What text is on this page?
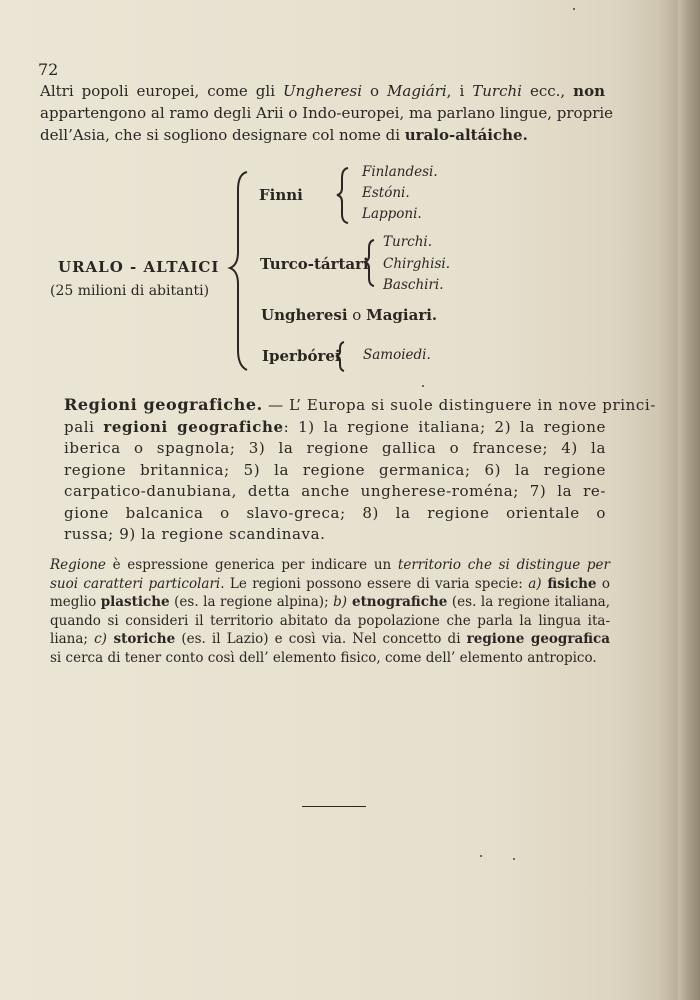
72
Altri popoli europei, come gli Ungheresi o Magiári, i Turchi ecc., non
appartengono al ramo degli Arii o Indo-europei, ma parlano lingue, proprie
dell’Asia, che si sogliono designare col nome di uralo-altáiche.
URALO - ALTAICI
(25 milioni di abitanti)
Finni
Finlandesi.
Estóni.
Lapponi.
Turco-tártari
Turchi.
Chirghisi.
Baschiri.
Ungheresi o Magiari.
Iperbórei Samoiedi.
Regioni geografiche. — L’ Europa si suole distinguere in nove princi-
pali regioni geografiche: 1) la regione italiana; 2) la regione
iberica o spagnola; 3) la regione gallica o francese; 4) la
regione britannica; 5) la regione germanica; 6) la regione
carpatico-danubiana, detta anche ungherese-roména; 7) la re-
gione balcanica o slavo-greca; 8) la regione orientale o
russa; 9) la regione scandinava.
Regione è espressione generica per indicare un territorio che si distingue per
suoi caratteri particolari. Le regioni possono essere di varia specie: a) fisiche o
meglio plastiche (es. la regione alpina); b) etnografiche (es. la regione italiana,
quando si consideri il territorio abitato da popolazione che parla la lingua ita-
liana; c) storiche (es. il Lazio) e così via. Nel concetto di regione geografica
si cerca di tener conto così dell’ elemento fisico, come dell’ elemento antropico.
